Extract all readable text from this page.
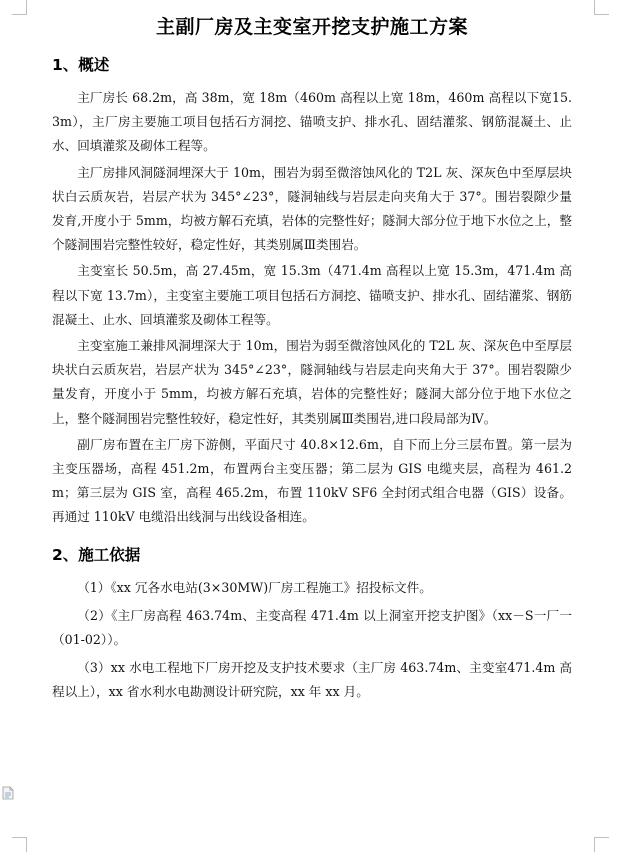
主副厂房及主变室开挖支护施工方案
1、概述

主厂房长 68.2m，高 38m，宽 18m（460m 高程以上宽 18m，460m 高程以下宽15.3m），主厂房主要施工项目包括石方洞挖、锚喷支护、排水孔、固结灌浆、钢筋混凝土、止水、回填灌浆及砌体工程等。

主厂房排风洞隧洞埋深大于 10m，围岩为弱至微溶蚀风化的 T2L 灰、深灰色中至厚层块状白云质灰岩，岩层产状为 345°∠23°，隧洞轴线与岩层走向夹角大于 37°。围岩裂隙少量发育,开度小于 5mm，均被方解石充填，岩体的完整性好；隧洞大部分位于地下水位之上，整个隧洞围岩完整性较好，稳定性好，其类别属Ⅲ类围岩。

主变室长 50.5m，高 27.45m，宽 15.3m（471.4m 高程以上宽 15.3m，471.4m 高程以下宽 13.7m），主变室主要施工项目包括石方洞挖、锚喷支护、排水孔、固结灌浆、钢筋混凝土、止水、回填灌浆及砌体工程等。

主变室施工兼排风洞埋深大于 10m，围岩为弱至微溶蚀风化的 T2L 灰、深灰色中至厚层块状白云质灰岩，岩层产状为 345°∠23°，隧洞轴线与岩层走向夹角大于 37°。围岩裂隙少量发育，开度小于 5mm，均被方解石充填，岩体的完整性好；隧洞大部分位于地下水位之上，整个隧洞围岩完整性较好，稳定性好，其类别属Ⅲ类围岩,进口段局部为Ⅳ。

副厂房布置在主厂房下游侧，平面尺寸 40.8×12.6m，自下而上分三层布置。第一层为主变压器场，高程 451.2m，布置两台主变压器；第二层为 GIS 电缆夹层，高程为 461.2m；第三层为 GIS 室，高程 465.2m，布置 110kV SF6 全封闭式组合电器（GIS）设备。再通过 110kV 电缆沿出线洞与出线设备相连。

2、施工依据

（1）《xx 冗各水电站(3×30MW)厂房工程施工》招投标文件。

（2）《主厂房高程 463.74m、主变高程 471.4m 以上洞室开挖支护图》（xx－S一厂一（01-02））。

（3）xx 水电工程地下厂房开挖及支护技术要求（主厂房 463.74m、主变室471.4m 高程以上），xx 省水利水电勘测设计研究院，xx 年 xx 月。
